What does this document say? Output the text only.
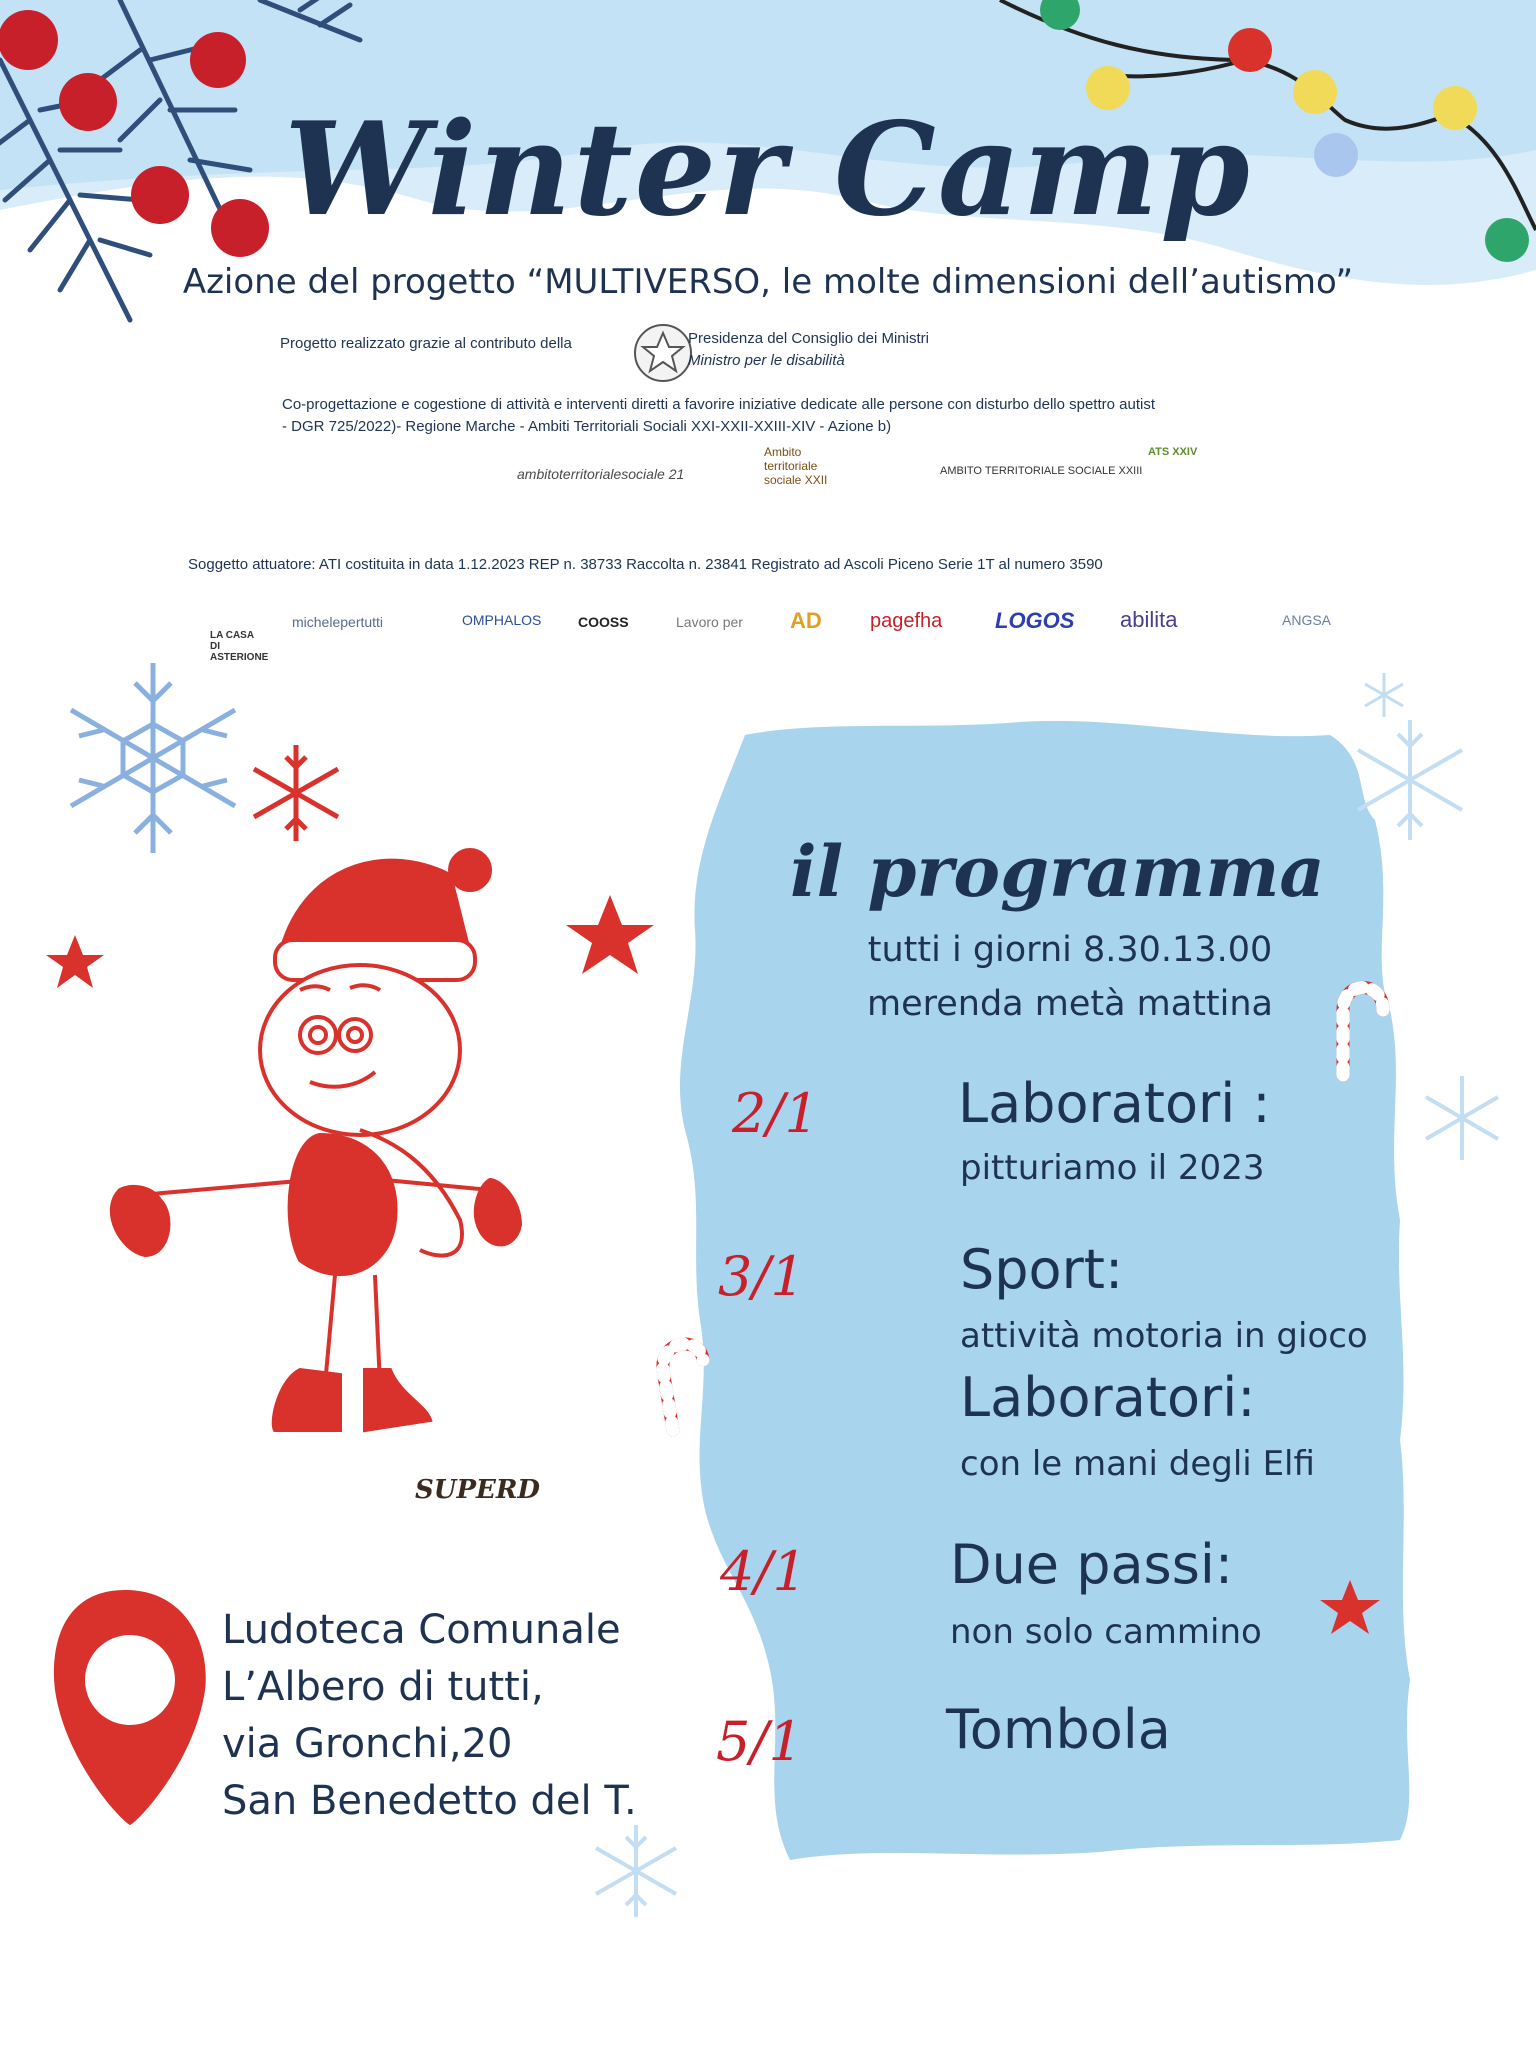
Winter Camp
Azione del progetto “MULTIVERSO, le molte dimensioni dell’autismo”
Progetto realizzato grazie al contributo della	Presidenza del Consiglio dei Ministri
Ministro per le disabilità
Co-progettazione e cogestione di attività e interventi diretti a favorire iniziative dedicate alle persone con disturbo dello spettro autist
- DGR 725/2022)- Regione Marche - Ambiti Territoriali Sociali XXI-XXII-XXIII-XIV - Azione b)
ambitoterritorialesociale 21
Ambito territoriale sociale XXII
AMBITO TERRITORIALE SOCIALE XXIII
ATS XXIV
Soggetto attuatore: ATI costituita in data 1.12.2023 REP n. 38733 Raccolta n. 23841 Registrato ad Ascoli Piceno Serie 1T al numero 3590
LA CASA DI ASTERIONE
michelepertutti	OMPHALOS	COOSS	Lavoro per AD pagefha LOGOS abilita	ANGSA
il programma
tutti i giorni 8.30.13.00
merenda metà mattina
2/1	Laboratori :
pitturiamo il 2023
3/1	Sport:
attività motoria in gioco
Laboratori:
con le mani degli Elfi
4/1	Due passi:
non solo cammino
5/1	Tombola
SUPERD
Ludoteca Comunale
L’Albero di tutti,
via Gronchi,20
San Benedetto del T.
